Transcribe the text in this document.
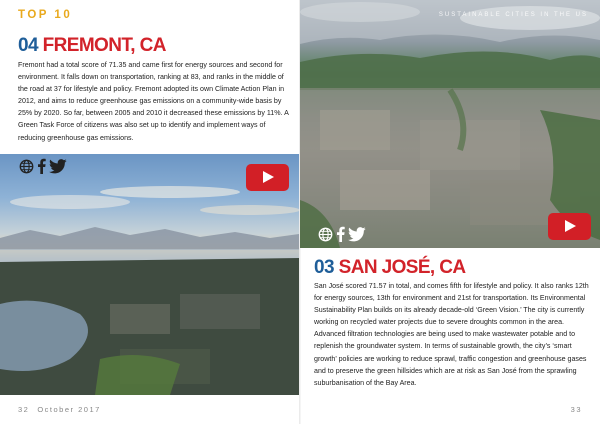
TOP 10
04 FREMONT, CA

Fremont had a total score of 71.35 and came first for energy sources and second for environment. It falls down on transportation, ranking at 83, and ranks in the middle of the road at 37 for lifestyle and policy. Fremont adopted its own Climate Action Plan in 2012, and aims to reduce greenhouse gas emissions on a community-wide basis by 25% by 2020. So far, between 2005 and 2010 it decreased these emissions by 11%. A Green Task Force of citizens was also set up to identify and implement ways of reducing greenhouse gas emissions.

32 October 2017
SUSTAINABLE CITIES IN THE US
03 SAN JOSÉ, CA

San José scored 71.57 in total, and comes fifth for lifestyle and policy. It also ranks 12th for energy sources, 13th for environment and 21st for transportation. Its Environmental Sustainability Plan builds on its already decade-old ‘Green Vision.’ The city is currently working on recycled water projects due to severe droughts common in the area. Advanced filtration technologies are being used to make wastewater potable and to replenish the groundwater system. In terms of sustainable growth, the city’s ‘smart growth’ policies are working to reduce sprawl, traffic congestion and greenhouse gases and to preserve the green hillsides which are at risk as San José from the sprawling suburbanisation of the Bay Area.

33
